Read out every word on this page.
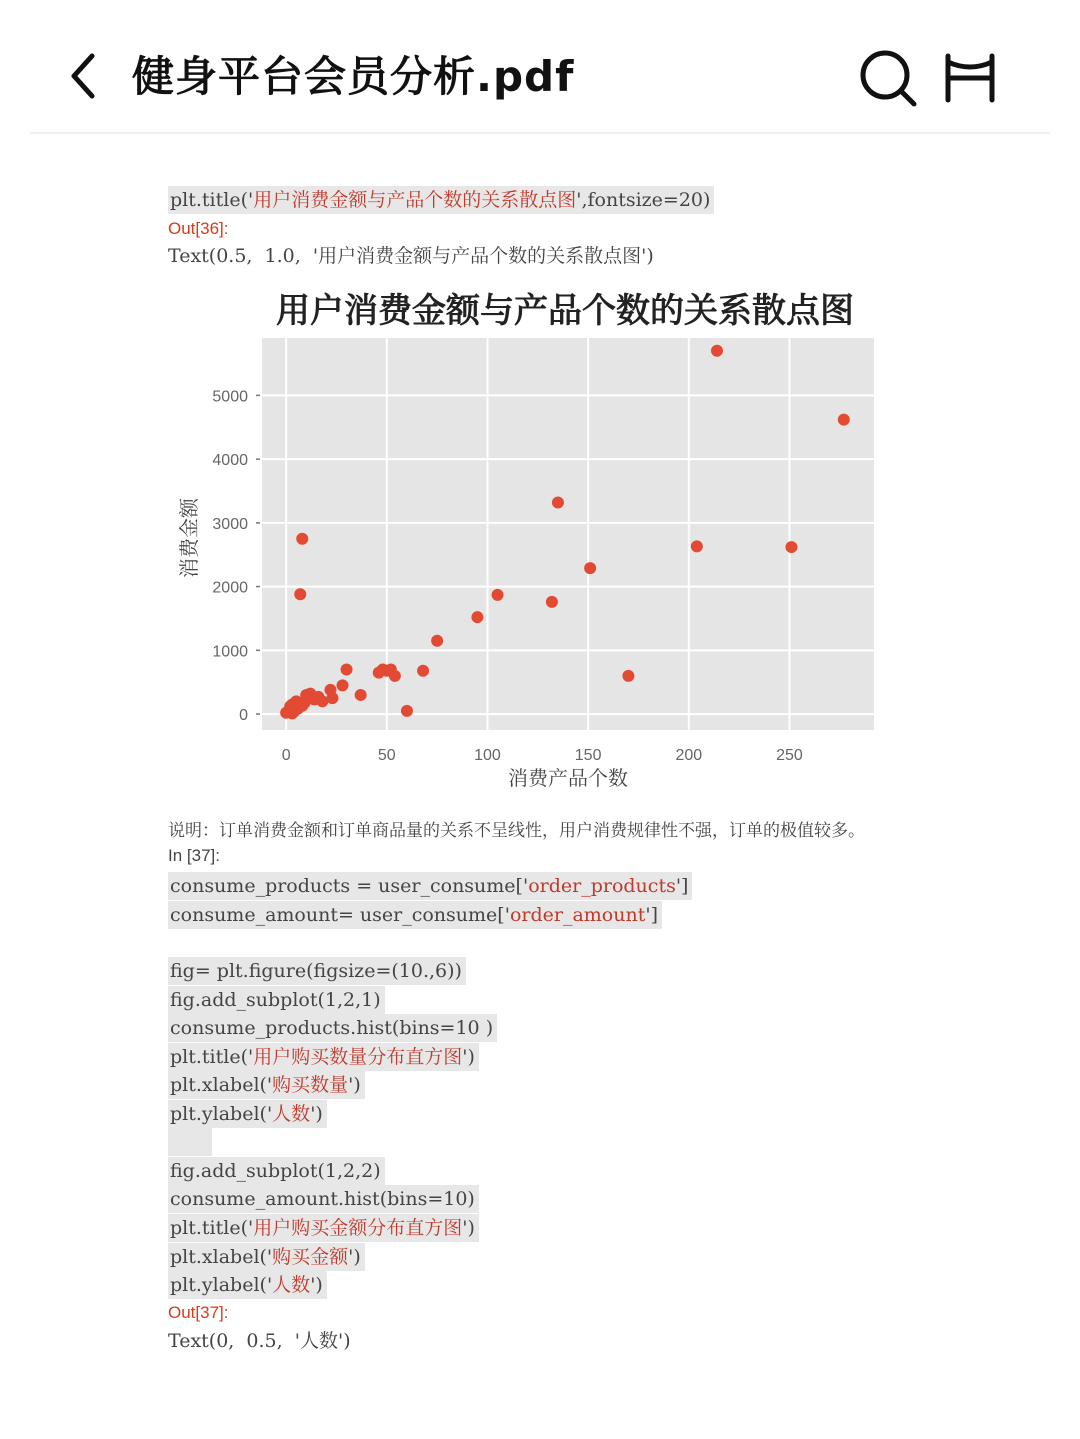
健身平台会员分析.pdf
plt.title('用户消费金额与产品个数的关系散点图',fontsize=20)
Out[36]:
Text(0.5,  1.0,  '用户消费金额与产品个数的关系散点图')
用户消费金额与产品个数的关系散点图
0	50	100	150	200	250
0
1000
2000
3000
4000
5000
消费产品个数
消费金额
说明：订单消费金额和订单商品量的关系不呈线性，用户消费规律性不强，订单的极值较多。
In [37]:
consume_products = user_consume['order_products']
consume_amount= user_consume['order_amount']
fig= plt.figure(figsize=(10.,6))
fig.add_subplot(1,2,1)
consume_products.hist(bins=10 )
plt.title('用户购买数量分布直方图')
plt.xlabel('购买数量')
plt.ylabel('人数')
fig.add_subplot(1,2,2)
consume_amount.hist(bins=10)
plt.title('用户购买金额分布直方图')
plt.xlabel('购买金额')
plt.ylabel('人数')
Out[37]:
Text(0,  0.5,  '人数')
